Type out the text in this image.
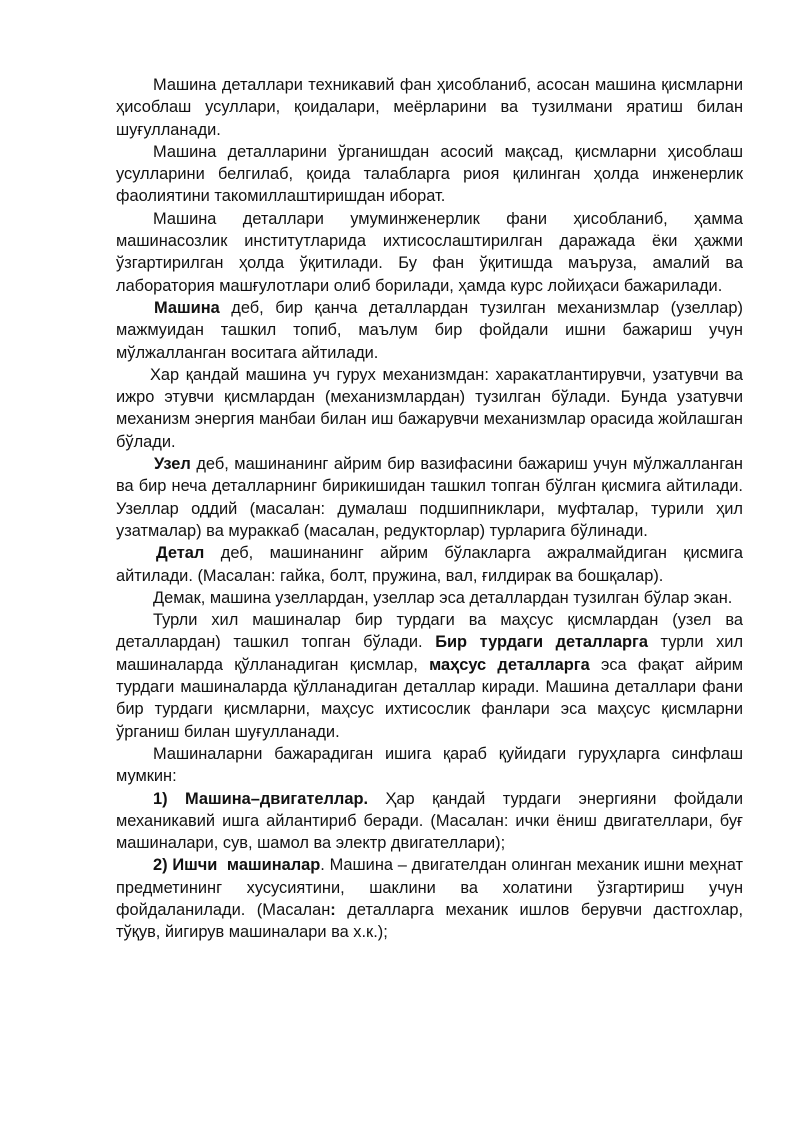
Машина деталлари техникавий фан ҳисобланиб, асосан машина қисмларни ҳисоблаш усуллари, қоидалари, меёрларини ва тузилмани яратиш билан шуғулланади.

Машина деталларини ўрганишдан асосий мақсад, қисмларни ҳисоблаш усулларини белгилаб, қоида талабларга риоя қилинган ҳолда инженерлик фаолиятини такомиллаштиришдан иборат.

Машина деталлари умуминженерлик фани ҳисобланиб, ҳамма машинасозлик институтларида ихтисослаштирилган даражада ёки ҳажми ўзгартирилган ҳолда ўқитилади. Бу фан ўқитишда маъруза, амалий ва лаборатория машғулотлари олиб борилади, ҳамда курс лойиҳаси бажарилади.

Машина деб, бир қанча деталлардан тузилган механизмлар (узеллар) мажмуидан ташкил топиб, маълум бир фойдали ишни бажариш учун мўлжалланган воситага айтилади.

Хар қандай машина уч гурух механизмдан: харакатлантирувчи, узатувчи ва ижро этувчи қисмлардан (механизмлардан) тузилган бўлади. Бунда узатувчи механизм энергия манбаи билан иш бажарувчи механизмлар орасида жойлашган бўлади.

Узел деб, машинанинг айрим бир вазифасини бажариш учун мўлжалланган ва бир неча деталларнинг бирикишидан ташкил топган бўлган қисмига айтилади. Узеллар оддий (масалан: думалаш подшипниклари, муфталар, турили ҳил узатмалар) ва мураккаб (масалан, редукторлар) турларига бўлинади.

Детал деб, машинанинг айрим бўлакларга ажралмайдиган қисмига айтилади. (Масалан: гайка, болт, пружина, вал, ғилдирак ва бошқалар).

Демак, машина узеллардан, узеллар эса деталлардан тузилган бўлар экан.

Турли хил машиналар бир турдаги ва маҳсус қисмлардан (узел ва деталлардан) ташкил топган бўлади. Бир турдаги деталларга турли хил машиналарда қўлланадиган қисмлар, маҳсус деталларга эса фақат айрим турдаги машиналарда қўлланадиган деталлар киради. Машина деталлари фани бир турдаги қисмларни, маҳсус ихтисослик фанлари эса маҳсус қисмларни ўрганиш билан шуғулланади.

Машиналарни бажарадиган ишига қараб қуйидаги гуруҳларга синфлаш мумкин:

1) Машина–двигателлар. Ҳар қандай турдаги энергияни фойдали механикавий ишга айлантириб беради. (Масалан: ички ёниш двигателлари, буғ машиналари, сув, шамол ва электр двигателлари);

2) Ишчи  машиналар. Машина – двигателдан олинган механик ишни меҳнат предметининг хусусиятини, шаклини ва холатини ўзгартириш учун фойдаланилади. (Масалан: деталларга механик ишлов берувчи дастгохлар, тўқув, йигирув машиналари ва х.к.);
